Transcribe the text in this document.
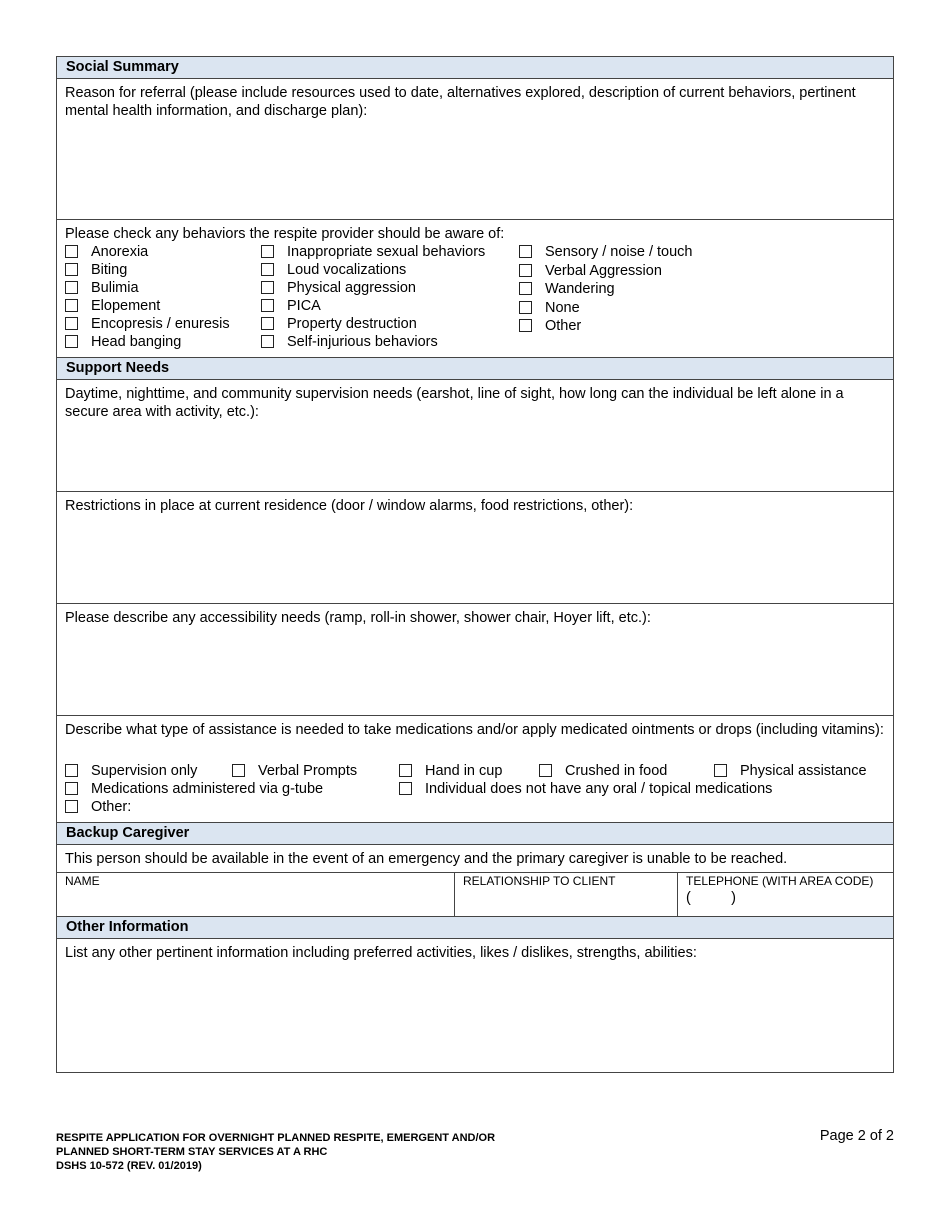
Social Summary
Reason for referral (please include resources used to date, alternatives explored, description of current behaviors, pertinent mental health information, and discharge plan):
Please check any behaviors the respite provider should be aware of:
Anorexia
Biting
Bulimia
Elopement
Encopresis / enuresis
Head banging
Inappropriate sexual behaviors
Loud vocalizations
Physical aggression
PICA
Property destruction
Self-injurious behaviors
Sensory / noise / touch
Verbal Aggression
Wandering
None
Other
Support Needs
Daytime, nighttime, and community supervision needs (earshot, line of sight, how long can the individual be left alone in a secure area with activity, etc.):
Restrictions in place at current residence (door / window alarms, food restrictions, other):
Please describe any accessibility needs (ramp, roll-in shower, shower chair, Hoyer lift, etc.):
Describe what type of assistance is needed to take medications and/or apply medicated ointments or drops (including vitamins):
Supervision only	Verbal Prompts	Hand in cup	Crushed in food	Physical assistance
Medications administered via g-tube	Individual does not have any oral / topical medications
Other:
Backup Caregiver
This person should be available in the event of an emergency and the primary caregiver is unable to be reached.
NAME	RELATIONSHIP TO CLIENT	TELEPHONE (WITH AREA CODE)
(          )
Other Information
List any other pertinent information including preferred activities, likes / dislikes, strengths, abilities:
RESPITE APPLICATION FOR OVERNIGHT PLANNED RESPITE, EMERGENT AND/OR
PLANNED SHORT-TERM STAY SERVICES AT A RHC
DSHS 10-572 (REV. 01/2019)
Page 2 of 2
